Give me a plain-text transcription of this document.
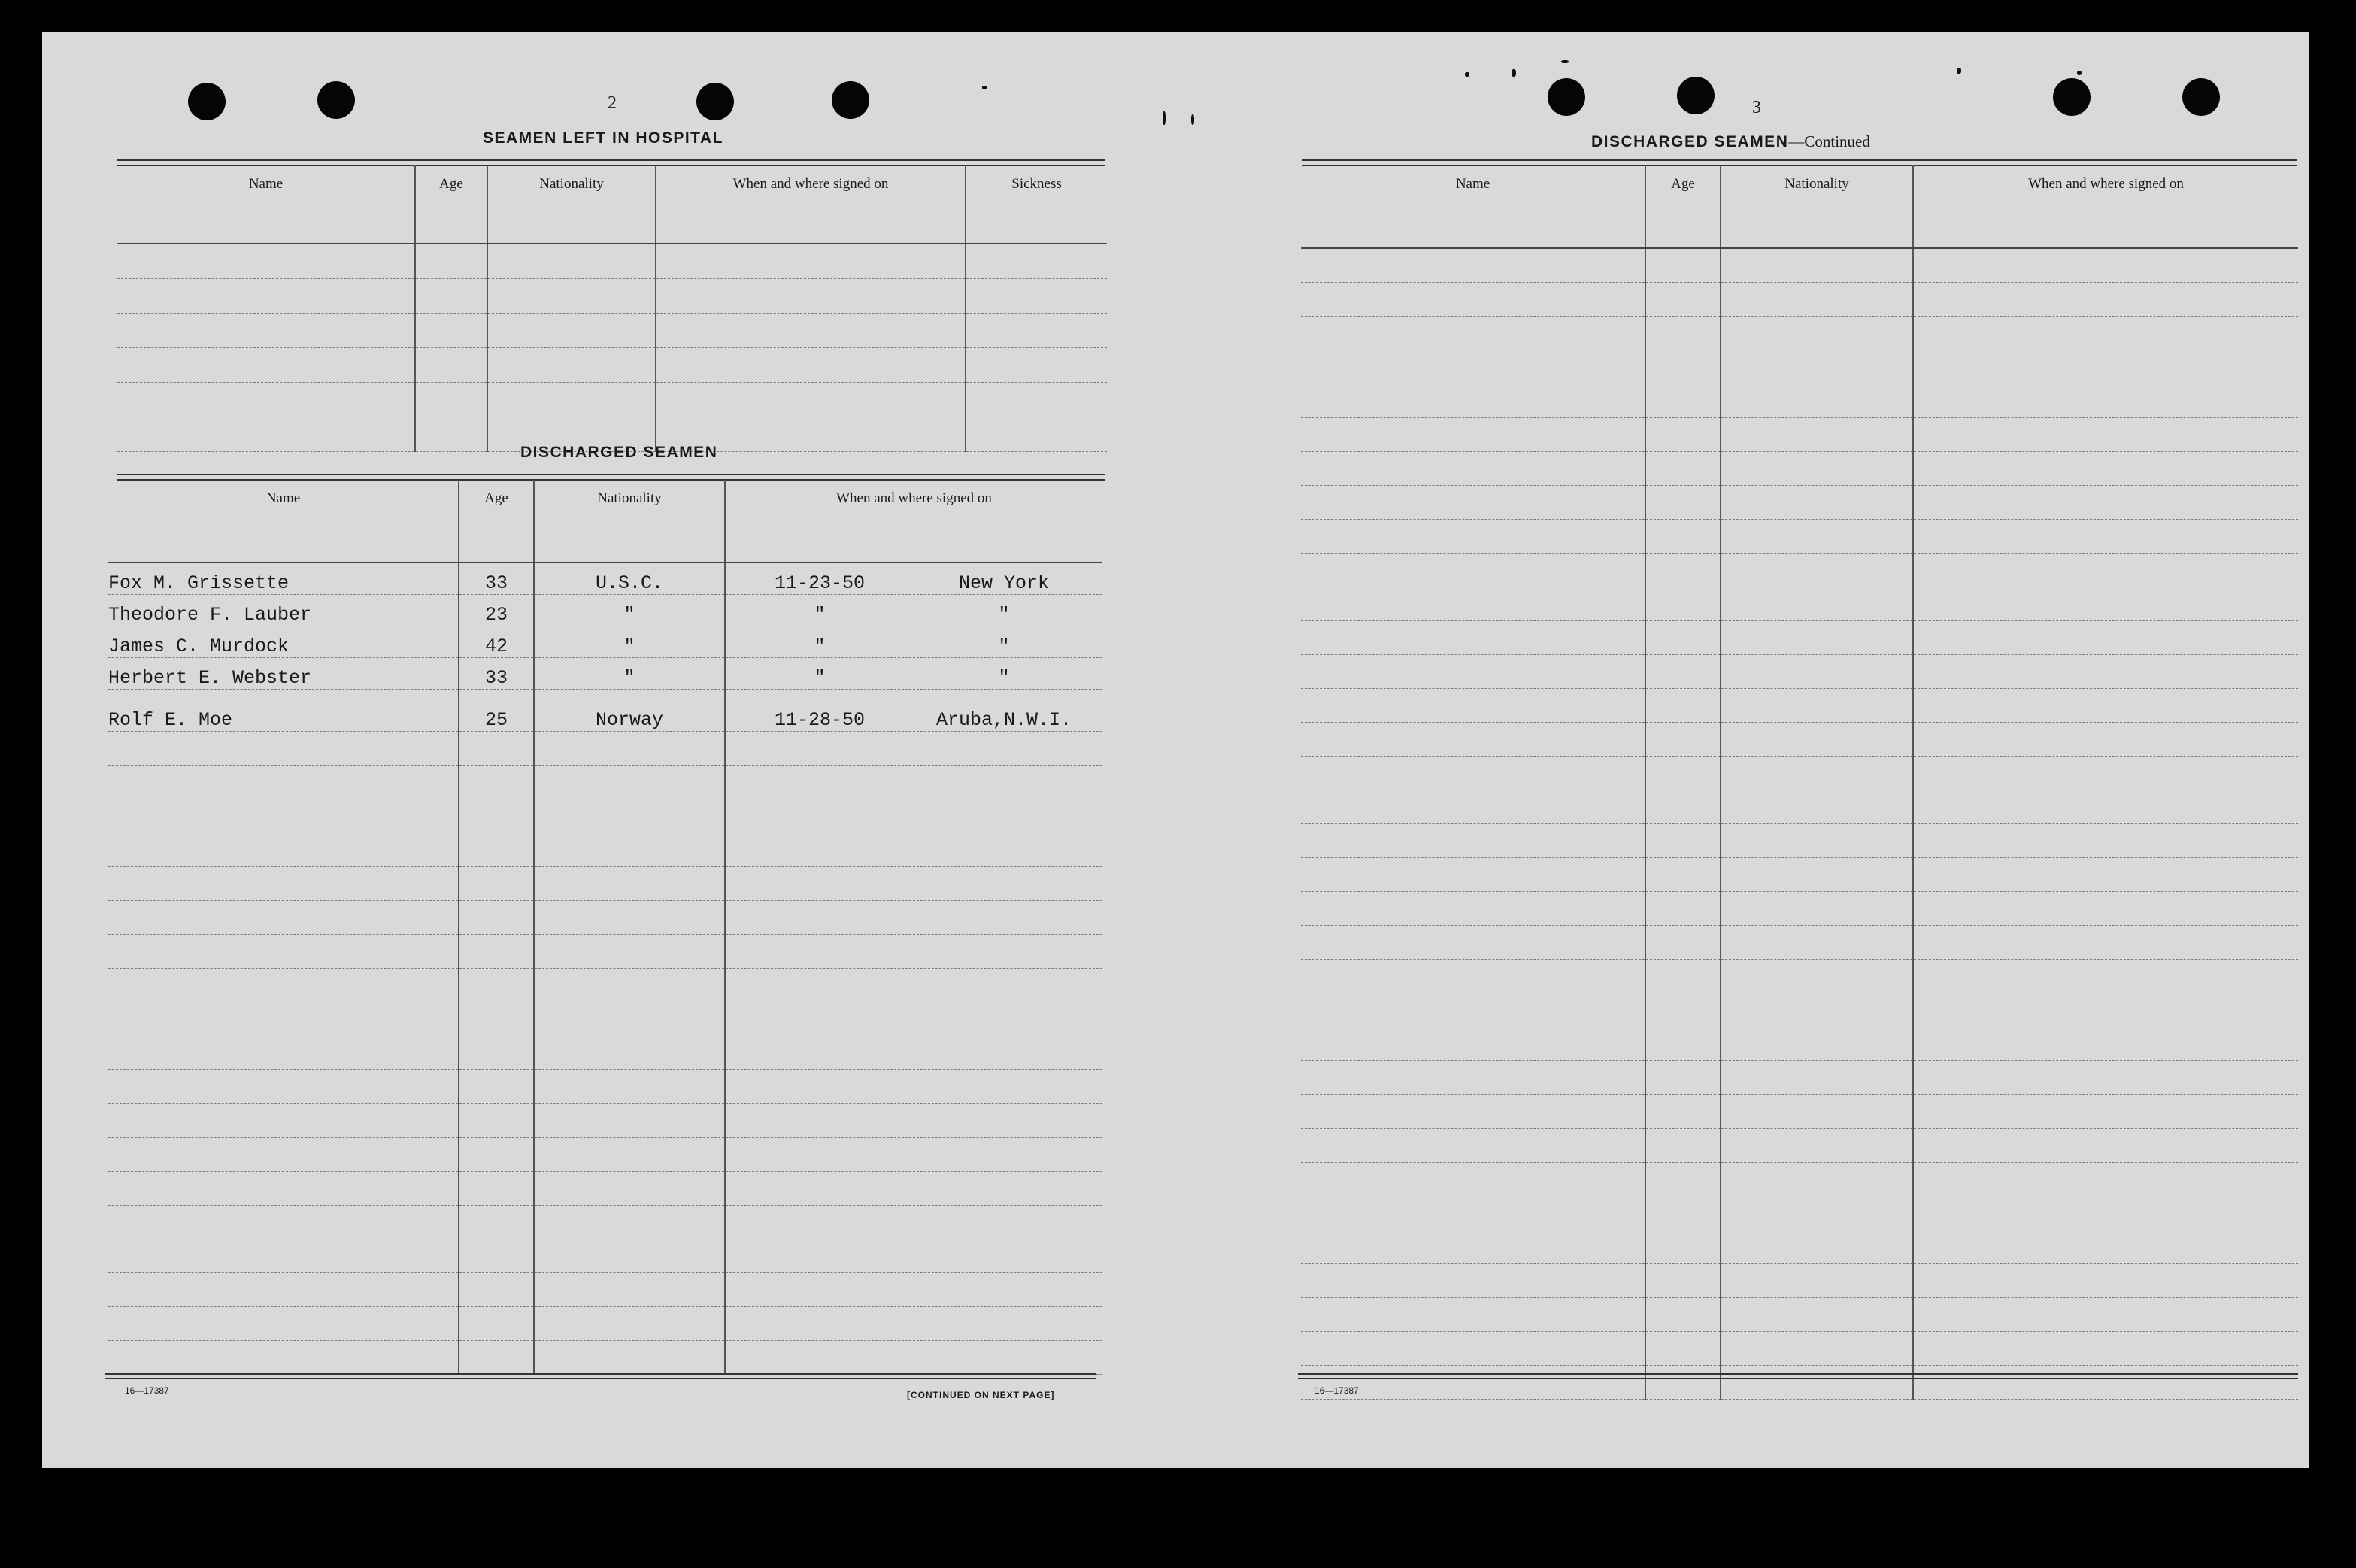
2
SEAMEN LEFT IN HOSPITAL
Name	Age	Nationality	When and where signed on	Sickness

DISCHARGED SEAMEN
Name	Age	Nationality	When and where signed on
Fox M. Grissette	33	U.S.C.	11-23-50 New York

Theodore F. Lauber	23	"	" "

James C. Murdock	42	"	" "

Herbert E. Webster	33	"	" "

Rolf E. Moe	25	Norway	11-28-50 Aruba,N.W.I.

16—17387	[CONTINUED ON NEXT PAGE]
3
DISCHARGED SEAMEN—Continued
Name	Age	Nationality	When and where signed on

16—17387
